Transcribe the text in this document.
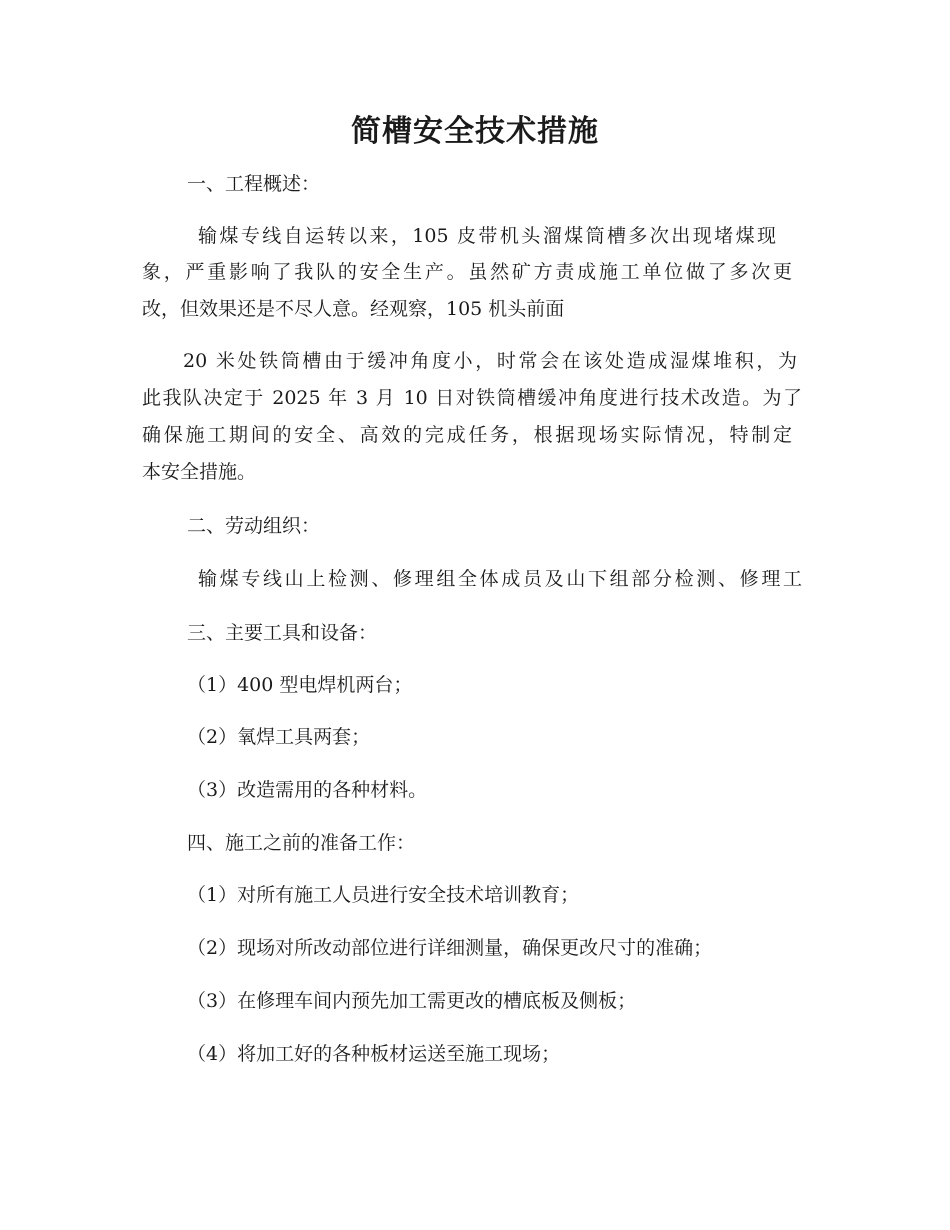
简槽安全技术措施
一、工程概述：
输煤专线自运转以来，105 皮带机头溜煤筒槽多次出现堵煤现
象，严重影响了我队的安全生产。虽然矿方责成施工单位做了多次更
改，但效果还是不尽人意。经观察，105 机头前面
20 米处铁筒槽由于缓冲角度小，时常会在该处造成湿煤堆积，为
此我队决定于 2025 年 3 月 10 日对铁筒槽缓冲角度进行技术改造。为了
确保施工期间的安全、高效的完成任务，根据现场实际情况，特制定
本安全措施。
二、劳动组织：
输煤专线山上检测、修理组全体成员及山下组部分检测、修理工
三、主要工具和设备：
（1）400 型电焊机两台；
（2）氧焊工具两套；
（3）改造需用的各种材料。
四、施工之前的准备工作：
（1）对所有施工人员进行安全技术培训教育；
（2）现场对所改动部位进行详细测量，确保更改尺寸的准确；
（3）在修理车间内预先加工需更改的槽底板及侧板；
（4）将加工好的各种板材运送至施工现场；
